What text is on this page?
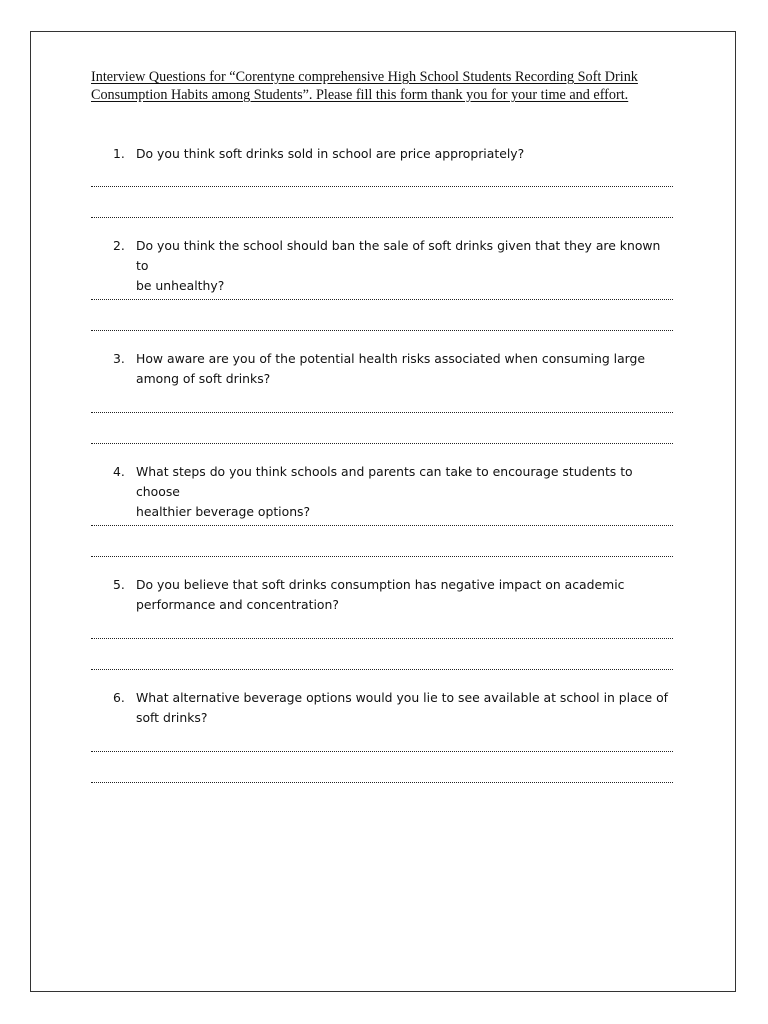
Interview Questions for “Corentyne comprehensive High School Students Recording Soft Drink
Consumption Habits among Students”. Please fill this form thank you for your time and effort.

1. Do you think soft drinks sold in school are price appropriately?
2. Do you think the school should ban the sale of soft drinks given that they are known to
be unhealthy?
3. How aware are you of the potential health risks associated when consuming large
among of soft drinks?
4. What steps do you think schools and parents can take to encourage students to choose
healthier beverage options?
5. Do you believe that soft drinks consumption has negative impact on academic
performance and concentration?
6. What alternative beverage options would you lie to see available at school in place of
soft drinks?
